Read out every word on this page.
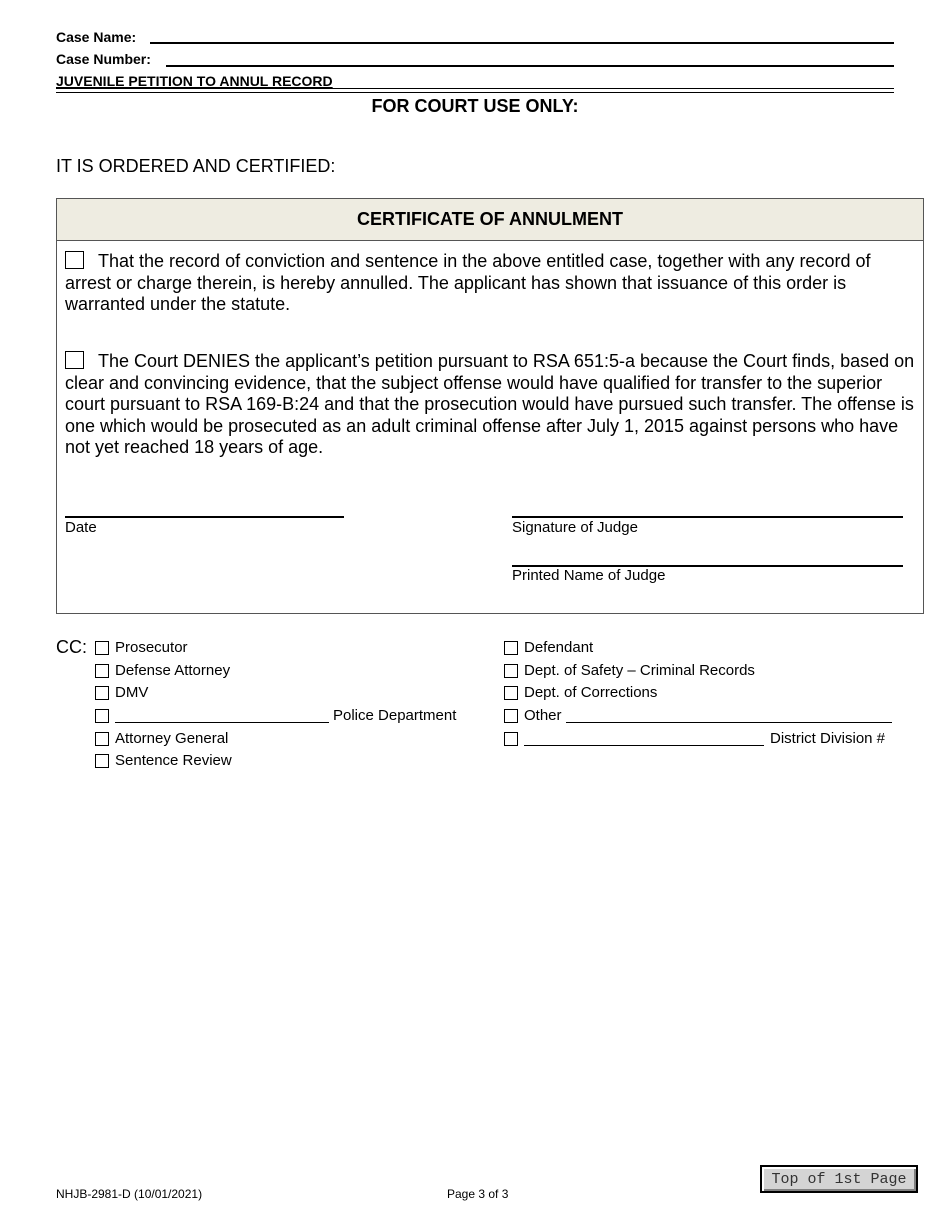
Case Name:
Case Number:
JUVENILE PETITION TO ANNUL RECORD
FOR COURT USE ONLY:
IT IS ORDERED AND CERTIFIED:
CERTIFICATE OF ANNULMENT
That the record of conviction and sentence in the above entitled case, together with any record of arrest or charge therein, is hereby annulled. The applicant has shown that issuance of this order is warranted under the statute.
The Court DENIES the applicant’s petition pursuant to RSA 651:5-a because the Court finds, based on clear and convincing evidence, that the subject offense would have qualified for transfer to the superior court pursuant to RSA 169-B:24 and that the prosecution would have pursued such transfer. The offense is one which would be prosecuted as an adult criminal offense after July 1, 2015 against persons who have not yet reached 18 years of age.
Date	Signature of Judge
Printed Name of Judge
CC: Prosecutor
Defense Attorney
DMV
Police Department
Attorney General
Sentence Review
Defendant
Dept. of Safety – Criminal Records
Dept. of Corrections
Other
District Division #
NHJB-2981-D (10/01/2021)	Page 3 of 3
Top of 1st Page
